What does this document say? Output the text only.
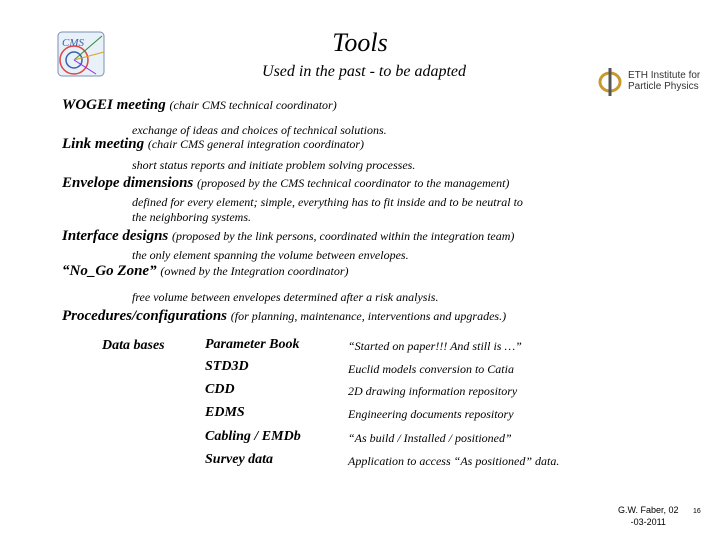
CMS	Tools
Used in the past - to be adapted	ETH Institute for
Particle Physics
WOGEI meeting (chair CMS technical coordinator)
exchange of ideas and choices of technical solutions.
Link meeting (chair CMS general integration coordinator)
short status reports and initiate problem solving processes.
Envelope dimensions (proposed by the CMS technical coordinator to the management)
defined for every element; simple, everything has to fit inside and to be neutral to
the neighboring systems.
Interface designs (proposed by the link persons, coordinated within the integration team)
the only element spanning the volume between envelopes.
“No_Go Zone” (owned by the Integration coordinator)
free volume between envelopes determined after a risk analysis.
Procedures/configurations (for planning, maintenance, interventions and upgrades.)
Data bases	Parameter Book	“Started on paper!!! And still is …”
STD3D	Euclid models conversion to Catia
CDD	2D drawing information repository
EDMS	Engineering documents repository
Cabling / EMDb	“As build / Installed / positioned”
Survey data	Application to access “As positioned” data.
G.W. Faber, 02
-03-2011
16
